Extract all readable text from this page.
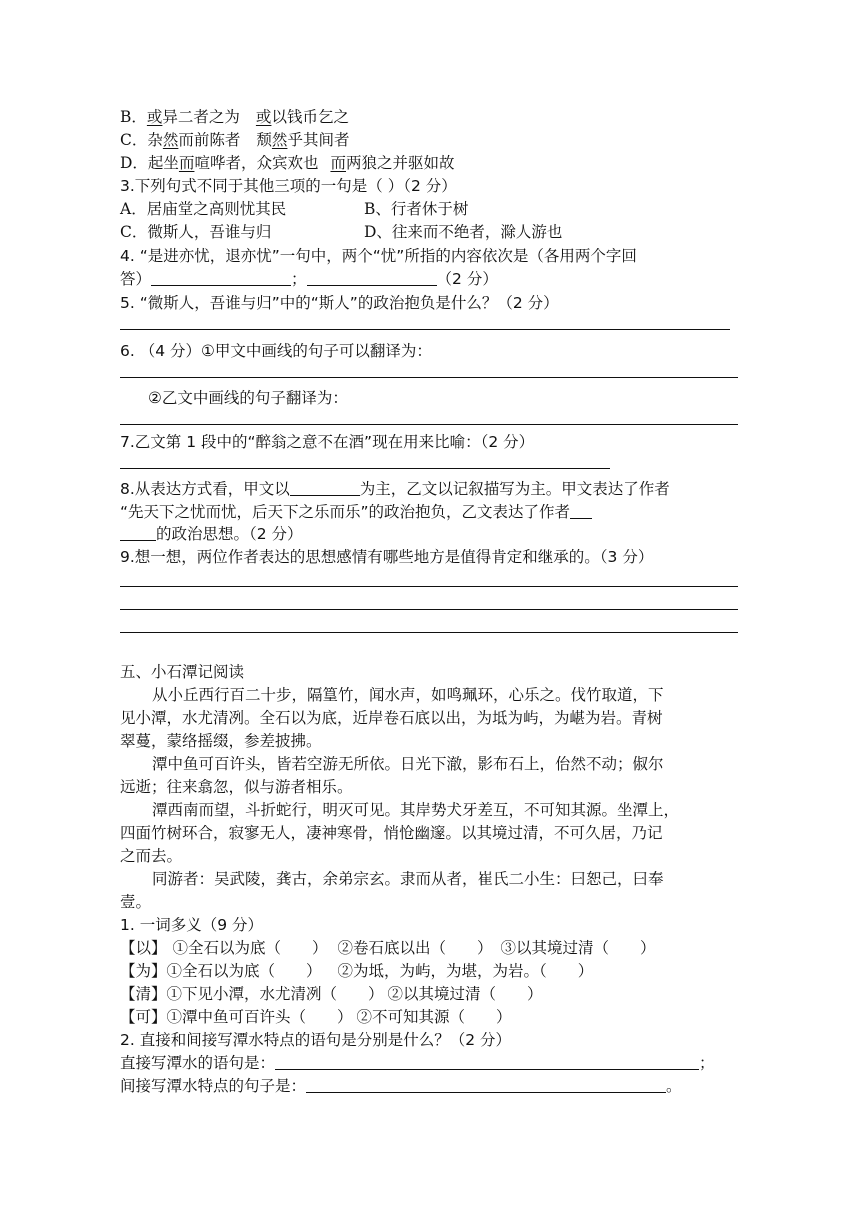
B．或异二者之为 或以钱币乞之
C．杂然而前陈者 颓然乎其间者
D．起坐而喧哗者，众宾欢也 而两狼之并驱如故
3.下列句式不同于其他三项的一句是（ ）（2 分）
A．居庙堂之高则忧其民	B、行者休于树
C．微斯人，吾谁与归	D、往来而不绝者，滁人游也
4. “是进亦忧，退亦忧”一句中，两个“忧”所指的内容依次是（各用两个字回
答）	；	（2 分）
5. “微斯人，吾谁与归”中的“斯人”的政治抱负是什么？（2 分）
6. （4 分）①甲文中画线的句子可以翻译为：
②乙文中画线的句子翻译为：
7.乙文第 1 段中的“醉翁之意不在酒”现在用来比喻：（2 分）
8.从表达方式看，甲文以	为主，乙文以记叙描写为主。甲文表达了作者
“先天下之忧而忧，后天下之乐而乐”的政治抱负，乙文表达了作者
的政治思想。（2 分）
9.想一想，两位作者表达的思想感情有哪些地方是值得肯定和继承的。（3 分）
五、小石潭记阅读
从小丘西行百二十步，隔篁竹，闻水声，如鸣珮环，心乐之。伐竹取道，下
见小潭，水尤清冽。全石以为底，近岸卷石底以出，为坻为屿，为嵁为岩。青树
翠蔓，蒙络摇缀，参差披拂。
潭中鱼可百许头，皆若空游无所依。日光下澈，影布石上，佁然不动；俶尔
远逝；往来翕忽，似与游者相乐。
潭西南而望，斗折蛇行，明灭可见。其岸势犬牙差互，不可知其源。坐潭上，
四面竹树环合，寂寥无人，凄神寒骨，悄怆幽邃。以其境过清，不可久居，乃记
之而去。
同游者：吴武陵，龚古，余弟宗玄。隶而从者，崔氏二小生：曰恕己，曰奉
壹。
1. 一词多义（9 分）
【以】 ①全石以为底（　　） ②卷石底以出（　　） ③以其境过清（　　）
【为】①全石以为底（　　） ②为坻，为屿，为堪，为岩。（　　）
【清】①下见小潭，水尤清冽（　　） ②以其境过清（　　）
【可】①潭中鱼可百许头（　　） ②不可知其源（　　）
2. 直接和间接写潭水特点的语句是分别是什么？（2 分）
直接写潭水的语句是：	；
间接写潭水特点的句子是：	。
